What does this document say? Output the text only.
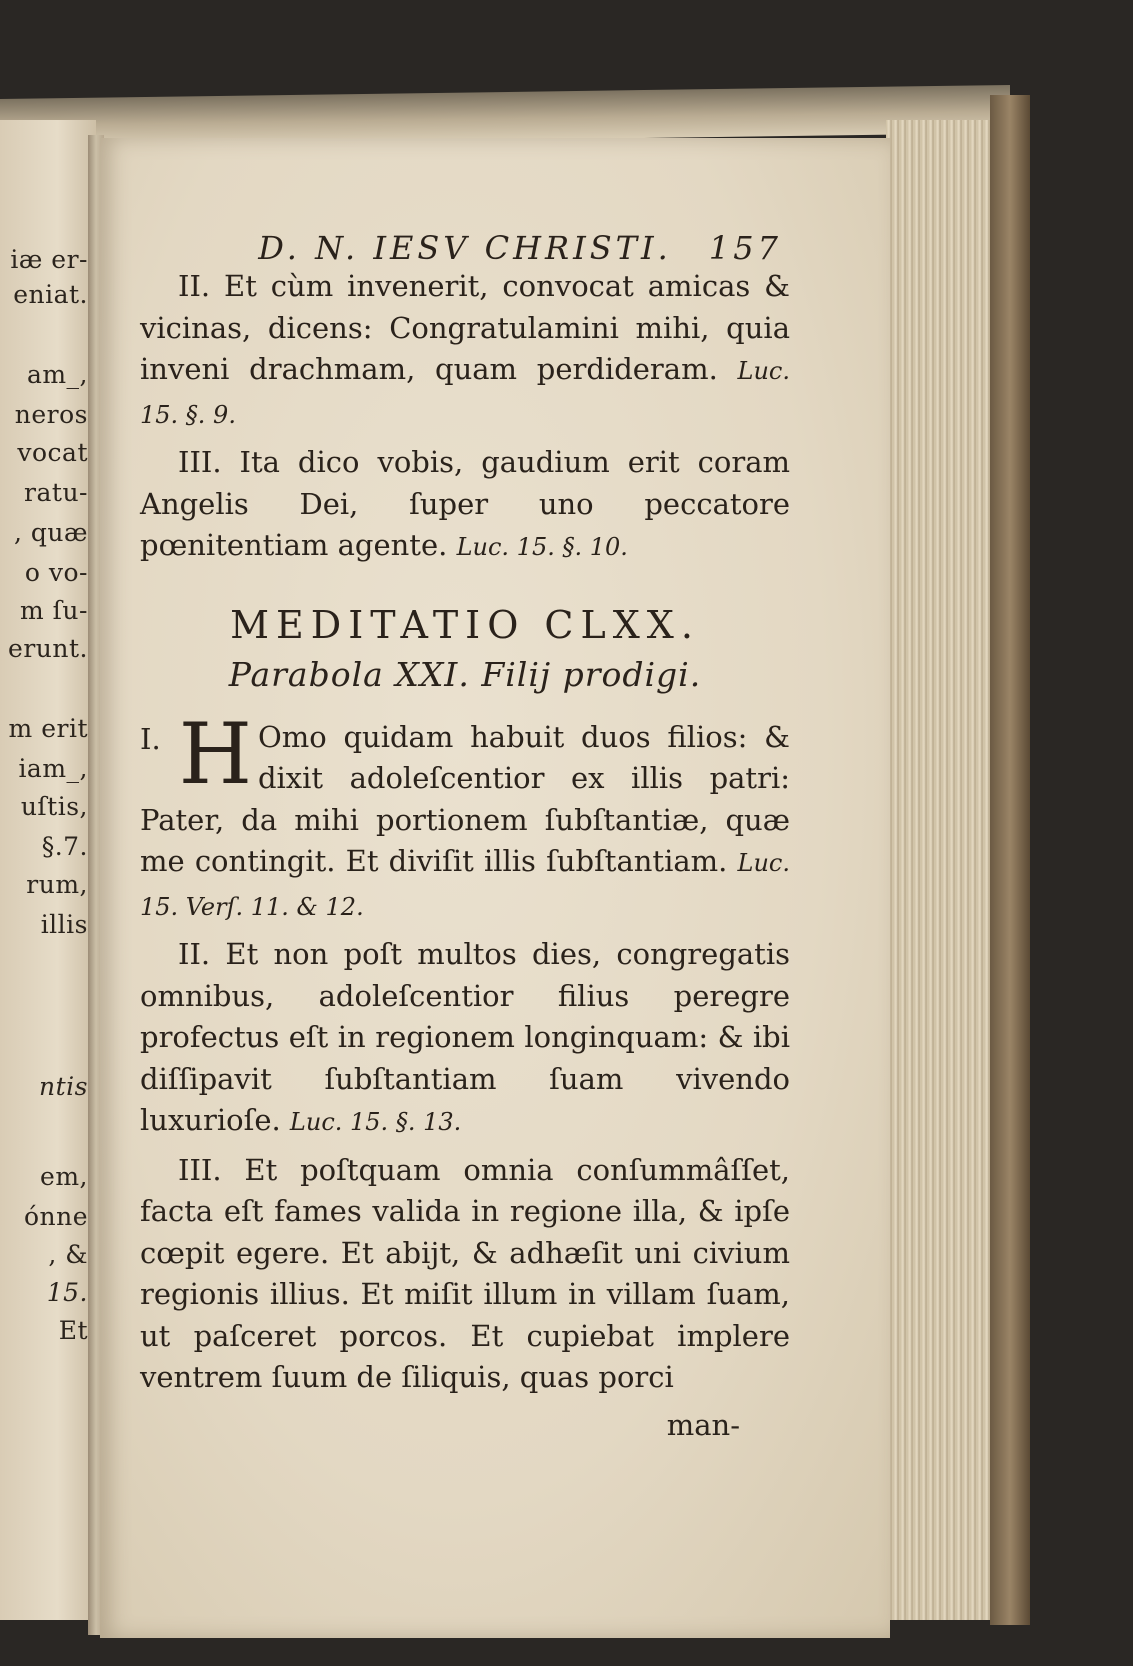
iæ er-
eniat.
am_,
neros
vocat
ratu-
, quæ
o vo-
m ſu-
erunt.
m erit
iam_,
uſtis,
§.7.
rum,
illis
ntis
em,
ónne
, &
15.
Et
D. N. IESV CHRISTI. 157

II. Et cùm invenerit, convocat amicas & vicinas, dicens: Congratulamini mihi, quia inveni drachmam, quam perdideram. Luc. 15. §. 9.

III. Ita dico vobis, gaudium erit coram Angelis Dei, ſuper uno peccatore pœnitentiam agente. Luc. 15. §. 10.

MEDITATIO CLXX.
Parabola XXI. Filij prodigi.

I. H Omo quidam habuit duos filios: & dixit adoleſcentior ex illis patri: Pater, da mihi portionem ſubſtantiæ, quæ me contingit. Et diviſit illis ſubſtantiam. Luc. 15. Verſ. 11. & 12.

II. Et non poſt multos dies, congregatis omnibus, adoleſcentior filius peregre profectus eſt in regionem longinquam: & ibi diſſipavit ſubſtantiam ſuam vivendo luxurioſe. Luc. 15. §. 13.

III. Et poſtquam omnia conſummâſſet, facta eſt fames valida in regione illa, & ipſe cœpit egere. Et abijt, & adhæſit uni civium regionis illius. Et miſit illum in villam ſuam, ut paſceret porcos. Et cupiebat implere ventrem ſuum de ſiliquis, quas porci

man-
